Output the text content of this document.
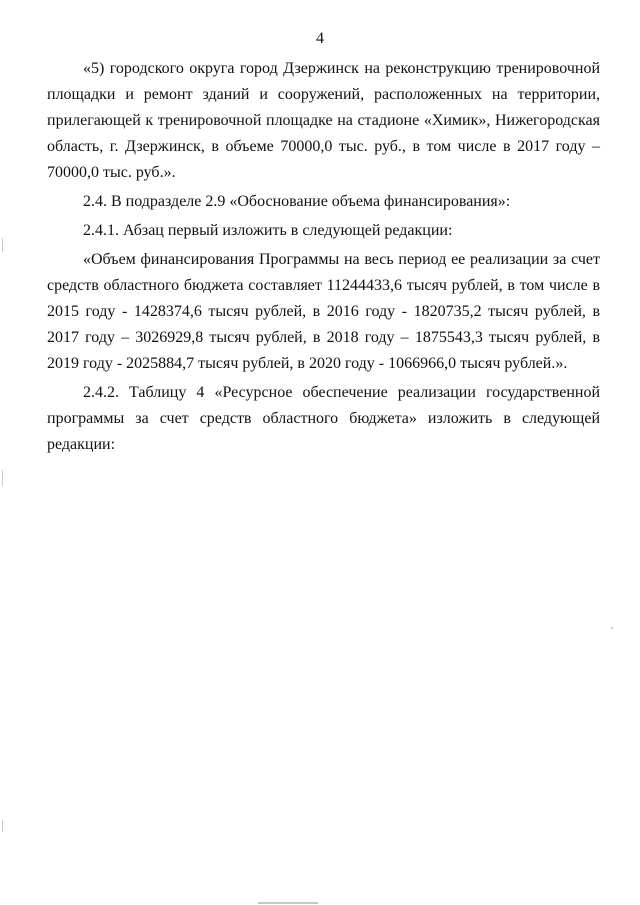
4

«5) городского округа город Дзержинск на реконструкцию тренировочной площадки и ремонт зданий и сооружений, расположенных на территории, прилегающей к тренировочной площадке на стадионе «Химик», Нижегородская область, г. Дзержинск, в объеме 70000,0 тыс. руб., в том числе в 2017 году – 70000,0 тыс. руб.».

2.4. В подразделе 2.9 «Обоснование объема финансирования»:

2.4.1. Абзац первый изложить в следующей редакции:

«Объем финансирования Программы на весь период ее реализации за счет средств областного бюджета составляет 11244433,6 тысяч рублей, в том числе в 2015 году - 1428374,6 тысяч рублей, в 2016 году - 1820735,2 тысяч рублей, в 2017 году – 3026929,8 тысяч рублей, в 2018 году – 1875543,3 тысяч рублей, в 2019 году - 2025884,7 тысяч рублей, в 2020 году - 1066966,0 тысяч рублей.».

2.4.2. Таблицу 4 «Ресурсное обеспечение реализации государственной программы за счет средств областного бюджета» изложить в следующей редакции:
